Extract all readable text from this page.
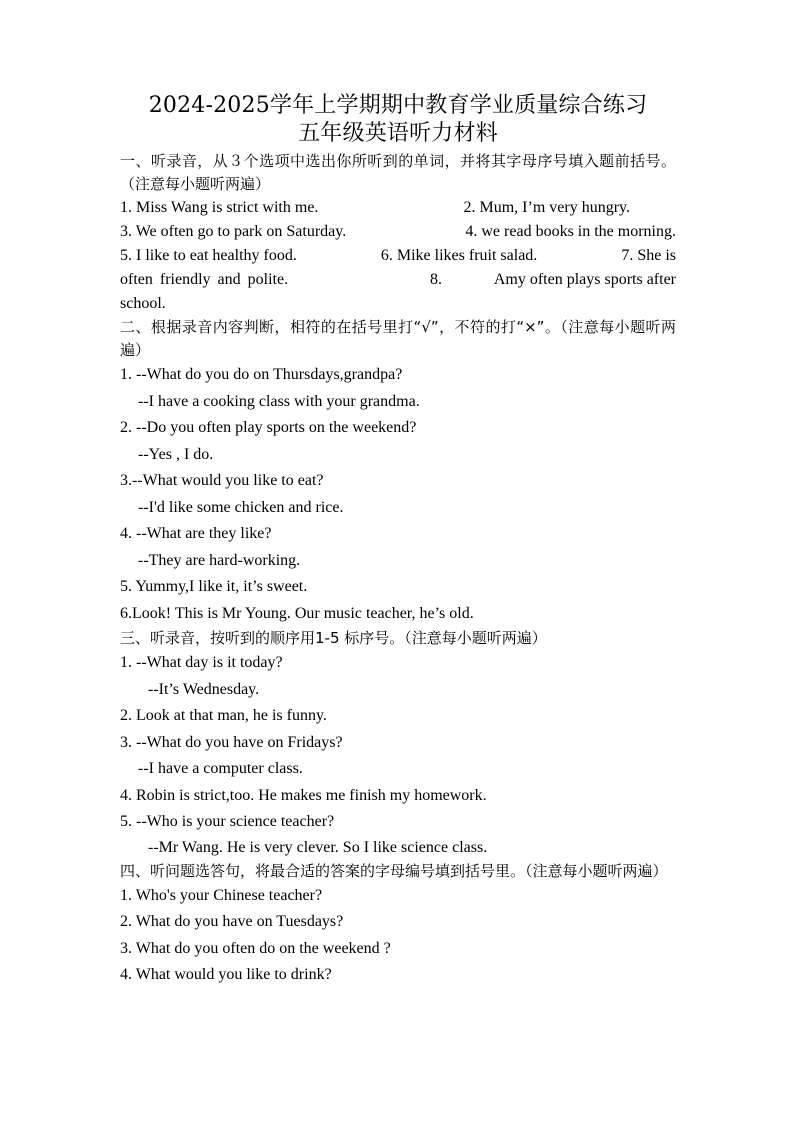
2024-2025学年上学期期中教育学业质量综合练习
五年级英语听力材料

一、听录音，从３个选项中选出你所听到的单词，并将其字母序号填入题前括号。（注意每小题听两遍）

1. Miss Wang is strict with me.	2. Mum, I’m very hungry.
3. We often go to park on Saturday.	4. we read books in the morning.
5. I like to eat healthy food.	6. Mike likes fruit salad.	7. She is
often friendly and polite.	8.	Amy often plays sports after

school.

二、根据录音内容判断，相符的在括号里打“√”，不符的打“×”。（注意每小题听两遍）

1. --What do you do on Thursdays,grandpa?

--I have a cooking class with your grandma.

2. --Do you often play sports on the weekend?

--Yes , I do.

3.--What would you like to eat?

--I'd like some chicken and rice.

4. --What are they like?

--They are hard-working.

5. Yummy,I like it, it’s sweet.

6.Look! This is Mr Young. Our music teacher, he’s old.

三、听录音，按听到的顺序用1-5 标序号。（注意每小题听两遍）

1. --What day is it today?

--It’s Wednesday.

2. Look at that man, he is funny.

3. --What do you have on Fridays?

--I have a computer class.

4. Robin is strict,too. He makes me finish my homework.

5. --Who is your science teacher?

--Mr Wang. He is very clever. So I like science class.

四、听问题选答句，将最合适的答案的字母编号填到括号里。（注意每小题听两遍）

1. Who's your Chinese teacher?

2. What do you have on Tuesdays?

3. What do you often do on the weekend ?

4. What would you like to drink?
